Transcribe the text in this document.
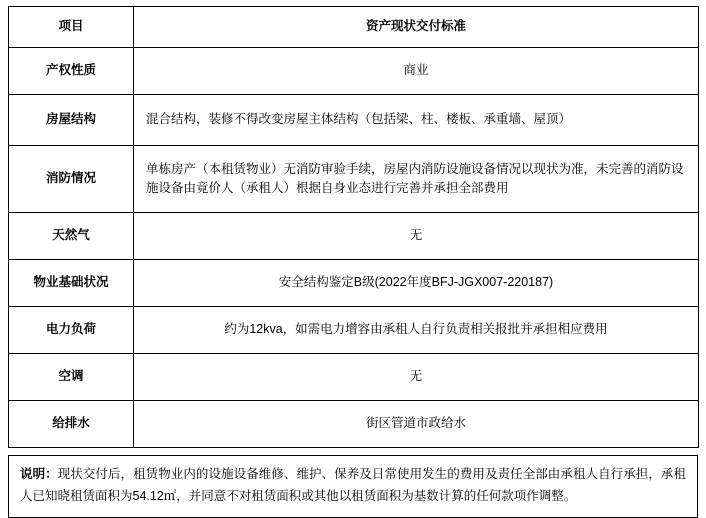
项目	资产现状交付标准
产权性质	商业
房屋结构	混合结构，装修不得改变房屋主体结构（包括梁、柱、楼板、承重墙、屋顶）
消防情况	单栋房产（本租赁物业）无消防审验手续，房屋内消防设施设备情况以现状为准，未完善的消防设施设备由竟价人（承租人）根据自身业态进行完善并承担全部费用
天然气	无
物业基础状况	安全结构鉴定B级(2022年度BFJ-JGX007-220187)
电力负荷	约为12kva，如需电力增容由承租人自行负责相关报批并承担相应费用
空调	无
给排水	街区管道市政给水
说明：现状交付后，租赁物业内的设施设备维修、维护、保养及日常使用发生的费用及责任全部由承租人自行承担，承租人已知晓租赁面积为54.12㎡，并同意不对租赁面积或其他以租赁面积为基数计算的任何款项作调整。
